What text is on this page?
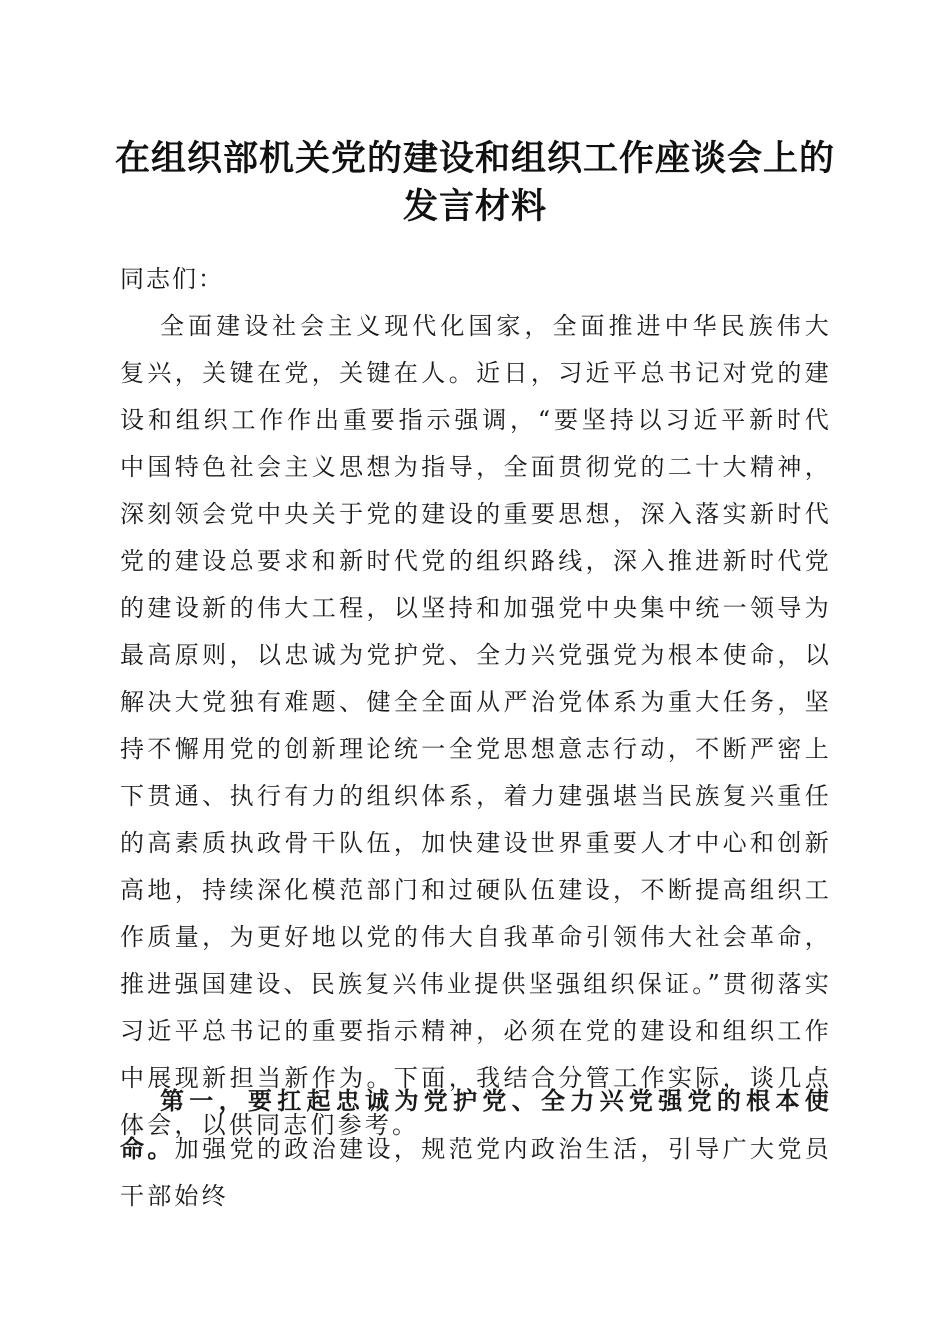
在组织部机关党的建设和组织工作座谈会上的
发言材料
同志们：

全面建设社会主义现代化国家，全面推进中华民族伟大复兴，关键在党，关键在人。近日，习近平总书记对党的建设和组织工作作出重要指示强调，“要坚持以习近平新时代中国特色社会主义思想为指导，全面贯彻党的二十大精神，深刻领会党中央关于党的建设的重要思想，深入落实新时代党的建设总要求和新时代党的组织路线，深入推进新时代党的建设新的伟大工程，以坚持和加强党中央集中统一领导为最高原则，以忠诚为党护党、全力兴党强党为根本使命，以解决大党独有难题、健全全面从严治党体系为重大任务，坚持不懈用党的创新理论统一全党思想意志行动，不断严密上下贯通、执行有力的组织体系，着力建强堪当民族复兴重任的高素质执政骨干队伍，加快建设世界重要人才中心和创新高地，持续深化模范部门和过硬队伍建设，不断提高组织工作质量，为更好地以党的伟大自我革命引领伟大社会革命，推进强国建设、民族复兴伟业提供坚强组织保证。”贯彻落实习近平总书记的重要指示精神，必须在党的建设和组织工作中展现新担当新作为。下面，我结合分管工作实际，谈几点体会，以供同志们参考。

第一，要扛起忠诚为党护党、全力兴党强党的根本使命。加强党的政治建设，规范党内政治生活，引导广大党员干部始终
